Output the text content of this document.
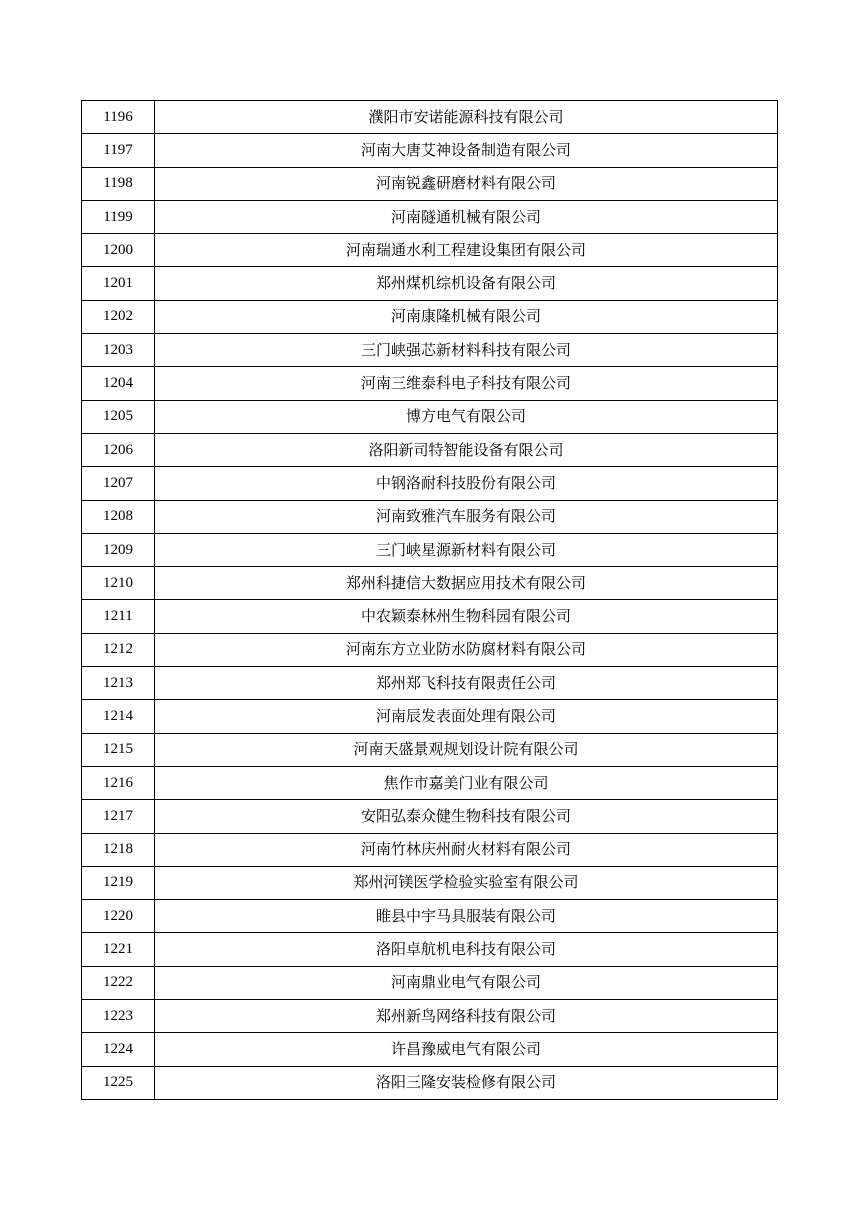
1196	濮阳市安诺能源科技有限公司
1197	河南大唐艾神设备制造有限公司
1198	河南锐鑫研磨材料有限公司
1199	河南隧通机械有限公司
1200	河南瑞通水利工程建设集团有限公司
1201	郑州煤机综机设备有限公司
1202	河南康隆机械有限公司
1203	三门峡强芯新材料科技有限公司
1204	河南三维泰科电子科技有限公司
1205	博方电气有限公司
1206	洛阳新司特智能设备有限公司
1207	中钢洛耐科技股份有限公司
1208	河南致雅汽车服务有限公司
1209	三门峡星源新材料有限公司
1210	郑州科捷信大数据应用技术有限公司
1211	中农颖泰林州生物科园有限公司
1212	河南东方立业防水防腐材料有限公司
1213	郑州郑飞科技有限责任公司
1214	河南辰发表面处理有限公司
1215	河南天盛景观规划设计院有限公司
1216	焦作市嘉美门业有限公司
1217	安阳弘泰众健生物科技有限公司
1218	河南竹林庆州耐火材料有限公司
1219	郑州河镁医学检验实验室有限公司
1220	睢县中宇马具服装有限公司
1221	洛阳卓航机电科技有限公司
1222	河南鼎业电气有限公司
1223	郑州新鸟网络科技有限公司
1224	许昌豫威电气有限公司
1225	洛阳三隆安装检修有限公司
